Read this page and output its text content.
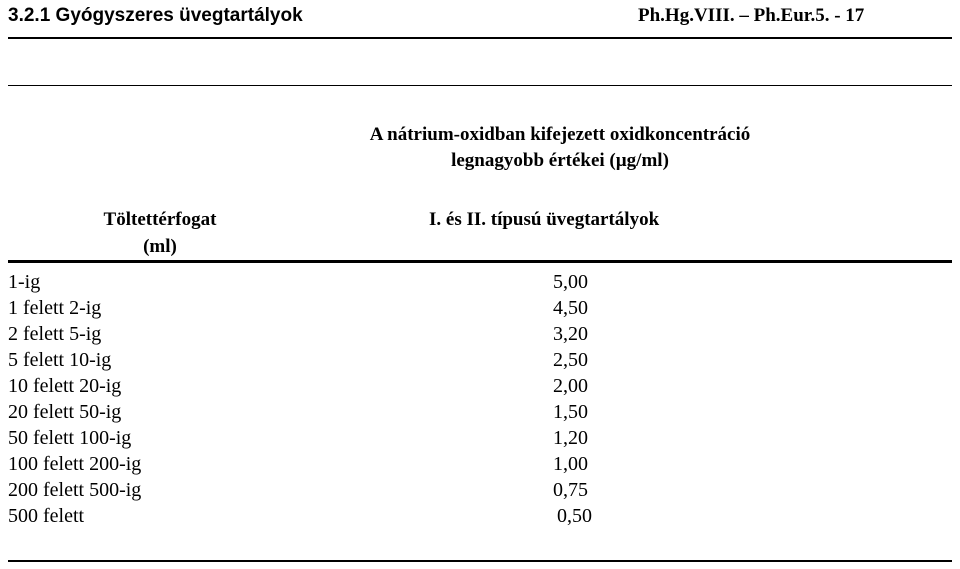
3.2.1 Gyógyszeres üvegtartályok	Ph.Hg.VIII. – Ph.Eur.5. - 17
A nátrium-oxidban kifejezett oxidkoncentráció
legnagyobb értékei (µg/ml)
Töltettérfogat
(ml)
I. és II. típusú üvegtartályok
1-ig	5,00
1 felett 2-ig	4,50
2 felett 5-ig	3,20
5 felett 10-ig	2,50
10 felett 20-ig	2,00
20 felett 50-ig	1,50
50 felett 100-ig	1,20
100 felett 200-ig	1,00
200 felett 500-ig	0,75
500 felett	0,50
